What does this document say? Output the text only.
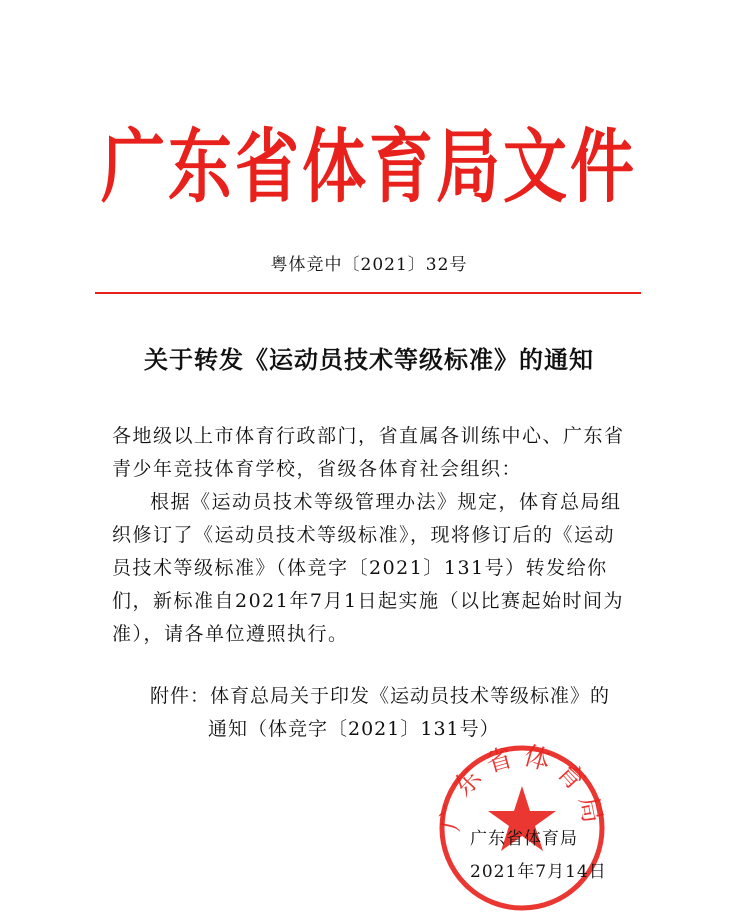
广东省体育局文件
粤体竞中〔2021〕32号
关于转发《运动员技术等级标准》的通知
各地级以上市体育行政部门，省直属各训练中心、广东省青少年竞技体育学校，省级各体育社会组织：
根据《运动员技术等级管理办法》规定，体育总局组织修订了《运动员技术等级标准》，现将修订后的《运动员技术等级标准》（体竞字〔2021〕131号）转发给你们，新标准自2021年7月1日起实施（以比赛起始时间为准），请各单位遵照执行。
附件：体育总局关于印发《运动员技术等级标准》的
通知（体竞字〔2021〕131号）
广东省体育局
广东省体育局
2021年7月14日
